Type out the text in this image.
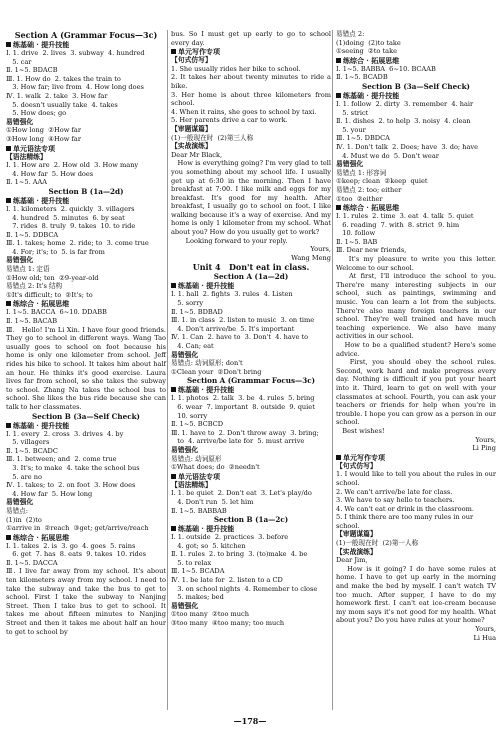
Section A (Grammar Focus—3c)
练基础 · 提升技能
Ⅰ. 1. drive  2. lives  3. subway  4. hundred
5. car
Ⅱ. 1~5. BDACB
Ⅲ. 1. How do  2. takes the train to
3. How far; live from  4. How long does
Ⅳ. 1. walk  2. take  3. How far
5. doesn't usually take  4. takes
5. How does; go
易错强化
①How long  ②How far
③How long  ④How far
单元语法专项
【语法精练】
Ⅰ. 1. How are  2. How old  3. How many
4. How far  5. How does
Ⅱ. 1~5. AAA
Section B (1a—2d)
练基础 · 提升技能
Ⅰ. 1. kilometers  2. quickly  3. villagers
4. hundred  5. minutes  6. by seat
7. rides  8. truly  9. takes  10. to ride
Ⅱ. 1~5. DDBCA
Ⅲ. 1. takes; home  2. ride; to  3. come true
4. For; it's; to  5. is far from
易错强化
易错点 1: 定语
①How old; ten  ②9-year-old
易错点 2: It's 结构
①It's difficult; to  ②It's; to
练综合 · 拓展思维
Ⅰ. 1~5. BACCA  6~10. DDABB
Ⅱ. 1~5. BACAB
Ⅲ.   Hello! I'm Li Xin. I have four good friends. They go to school in different ways. Wang Tao usually goes to school on foot because his home is only one kilometer from school. Jeff rides his bike to school. It takes him about half an hour. He thinks it's good exercise. Laura lives far from school, so she takes the subway to school. Zhang Na takes the school bus to school. She likes the bus ride because she can talk to her classmates.
Section B (3a—Self Check)
练基础 · 提升技能
Ⅰ. 1. every  2. cross  3. drives  4. by
5. villagers
Ⅱ. 1~5. BCADC
Ⅲ. 1. between; and  2. come true
3. It's; to make  4. take the school bus
5. are no
Ⅳ. 1. takes; to  2. on foot  3. How does
4. How far  5. How long
易错强化
易错点:
(1)in  (2)to
①arrive in  ②reach  ③get; get/arrive/reach
练综合 · 拓展思维
Ⅰ. 1. takes  2. is  3. go  4. goes  5. rains
6. get  7. has  8. eats  9. takes  10. rides
Ⅱ. 1~5. DACCA
Ⅲ. I live far away from my school. It's about ten kilometers away from my school. I need to take the subway and take the bus to get to school. First I take the subway to Nanjing Street. Then I take bus to get to school. It takes me about fifteen minutes to Nanjing Street and then it takes me about half an hour to get to school by
bus. So I must get up early to go to school every day.
单元写作专项
【句式仿写】
1. She usually rides her bike to school.
2. It takes her about twenty minutes to ride a bike.
3. Her home is about three kilometers from school.
4. When it rains, she goes to school by taxi.
5. Her parents drive a car to work.
【审题谋篇】
(1)一般现在时  (2)第三人称
【实战演练】
Dear Mr Black,
How is everything going? I'm very glad to tell you something about my school life. I usually get up at 6:30 in the morning. Then I have breakfast at 7:00. I like milk and eggs for my breakfast. It's good for my health. After breakfast, I usually go to school on foot. I like walking because it's a way of exercise. And my home is only 1 kilometer from my school. What about you? How do you usually get to work?
Looking forward to your reply.
Yours,
Wang Meng
Unit 4   Don't eat in class.
Section A (1a—2d)
练基础 · 提升技能
Ⅰ. 1. hall  2. fights  3. rules  4. Listen
5. sorry
Ⅱ. 1~5. BDBAD
Ⅲ. 1. in class  2. listen to music  3. on time
4. Don't arrive/be  5. It's important
Ⅳ. 1. Can  2. have to  3. Don't  4. have to
4. Can; eat
易错强化
易错点: 动词原形; don't
①Clean your  ②Don't bring
Section A (Grammar Focus—3c)
练基础 · 提升技能
Ⅰ. 1. photos  2. talk  3. be  4. rules  5. bring
6. wear  7. important  8. outside  9. quiet
10. sorry
Ⅱ. 1~5. BCBCD
Ⅲ. 1. have to  2. Don't throw away  3. bring;
to  4. arrive/be late for  5. must arrive
易错强化
易错点: 动词原形
①What does; do  ②needn't
单元语法专项
【语法精练】
Ⅰ. 1. be quiet  2. Don't eat  3. Let's play/do
4. Don't run  5. let him
Ⅱ. 1~5. BABBAB
Section B (1a—2c)
练基础 · 提升技能
Ⅰ. 1. outside  2. practices  3. before
4. got; so  5. kitchen
Ⅱ. 1. rules  2. to bring  3. (to)make  4. be
5. to relax
Ⅲ. 1~5. BCADA
Ⅳ. 1. be late for  2. listen to a CD
3. on school nights  4. Remember to close
5. makes; bed
易错强化
①too many  ②too much
③too many  ④too many; too much
易错点 2:
(1)doing  (2)to take
①seeing  ②to take
练综合 · 拓展思维
Ⅰ. 1~5. BABBA  6~10. BCAAB
Ⅱ. 1~5. BCADB
Section B (3a—Self Check)
练基础 · 提升技能
Ⅰ. 1. follow  2. dirty  3. remember  4. hair
5. strict
Ⅱ. 1. dishes  2. to help  3. noisy  4. clean
5. your
Ⅲ. 1~5. DBDCA
Ⅳ. 1. Don't talk  2. Does; have  3. do; have
4. Must we do  5. Don't wear
易错强化
易错点 1: 形容词
①keep; clean  ②keep  quiet
易错点 2: too; either
①too  ②either
练综合 · 拓展思维
Ⅰ. 1. rules  2. time  3. eat  4. talk  5. quiet
6. reading  7. with  8. strict  9. him
10. follow
Ⅱ. 1~5. BAB
Ⅲ. Dear new friends,
It's my pleasure to write you this letter. Welcome to our school.
At first, I'll introduce the school to you. There're many interesting subjects in our school, such as paintings, swimming and music. You can learn a lot from the subjects. There're also many foreign teachers in our school. They're well trained and have much teaching experience. We also have many activities in our school.
How to be a qualified student? Here's some advice.
First, you should obey the school rules. Second, work hard and make progress every day. Nothing is difficult if you put your heart into it. Third, learn to get on well with your classmates at school. Fourth, you can ask your teachers or friends for help when you're in trouble. I hope you can grow as a person in our school.
Best wishes!
Yours,
Li Ping
单元写作专项
【句式仿写】
1. I would like to tell you about the rules in our school.
2. We can't arrive/be late for class.
3. We have to say hello to teachers.
4. We can't eat or drink in the classroom.
5. I think there are too many rules in our school.
【审题谋篇】
(1)一般现在时  (2)第一人称
【实战演练】
Dear Jim,
How is it going? I do have some rules at home. I have to get up early in the morning and make the bed by myself. I can't watch TV too much. After supper, I have to do my homework first. I can't eat ice-cream because my mom says it's not good for my health. What about you? Do you have rules at your home?
Yours,
Li Hua
—178—
